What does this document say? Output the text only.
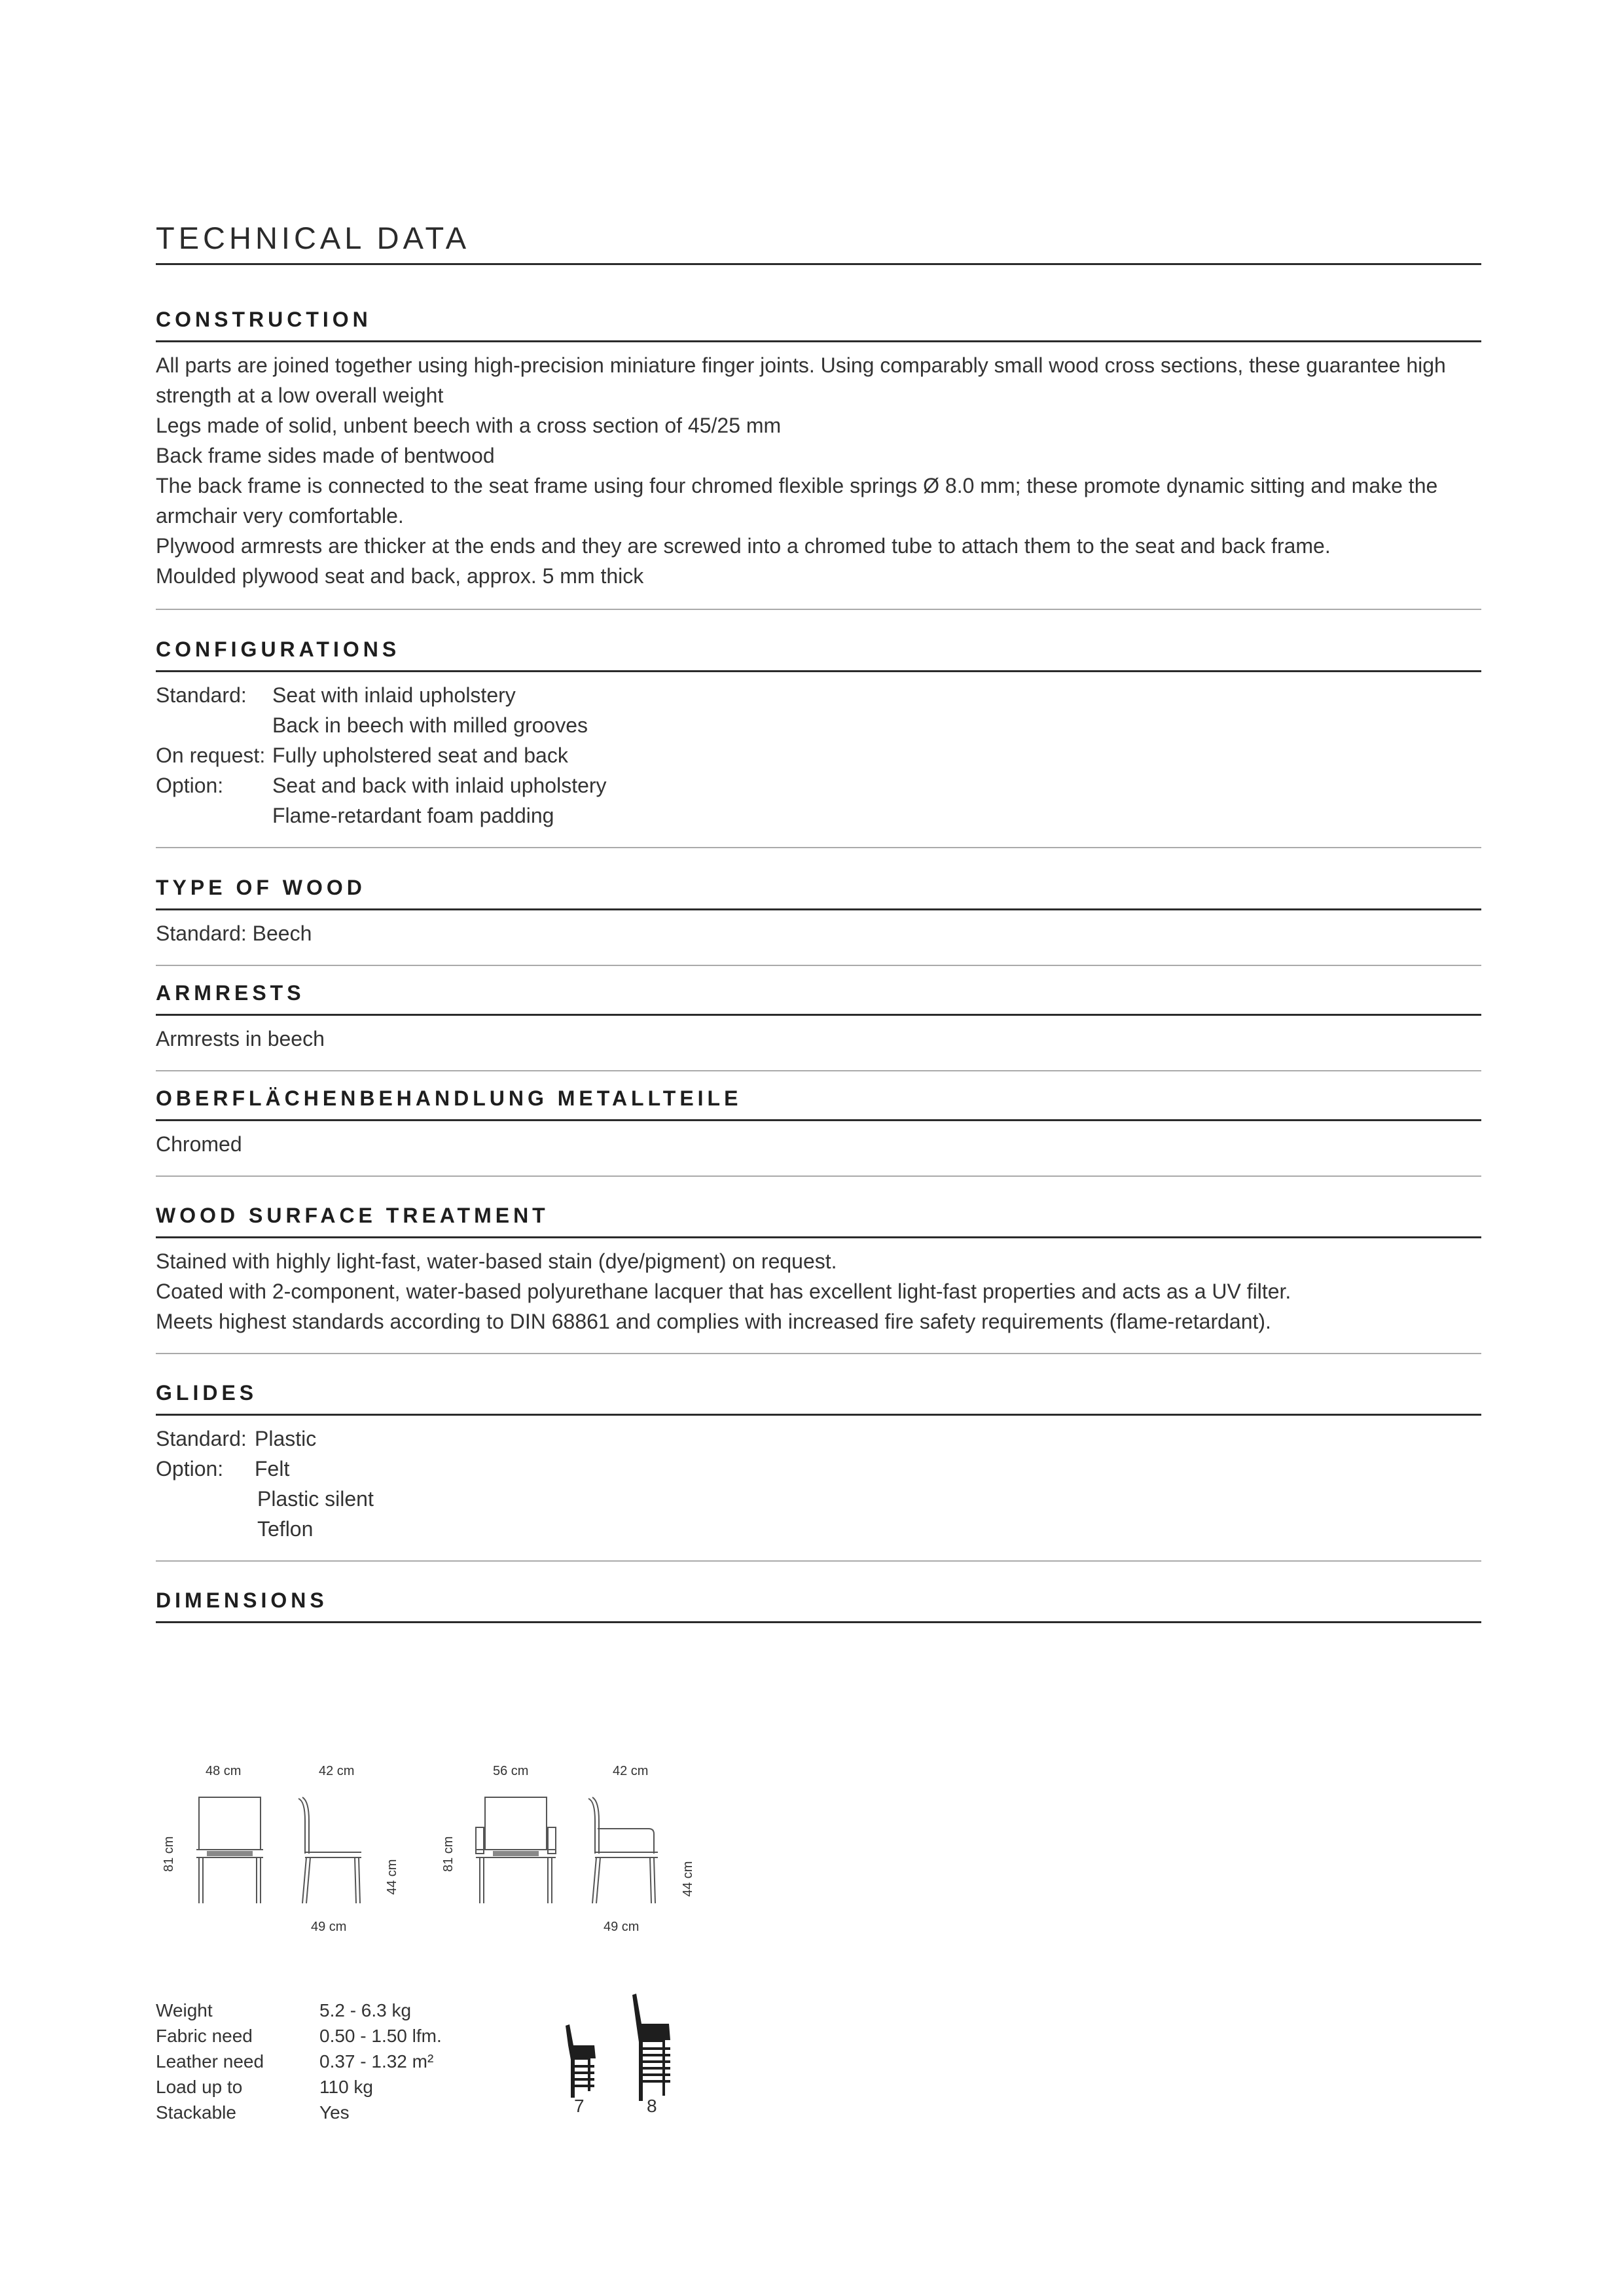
TECHNICAL DATA
CONSTRUCTION

All parts are joined together using high-precision miniature finger joints. Using comparably small wood cross sections, these guarantee high strength at a low overall weight

Legs made of solid, unbent beech with a cross section of 45/25 mm

Back frame sides made of bentwood

The back frame is connected to the seat frame using four chromed flexible springs Ø 8.0 mm; these promote dynamic sitting and make the armchair very comfortable.

Plywood armrests are thicker at the ends and they are screwed into a chromed tube to attach them to the seat and back frame.

Moulded plywood seat and back, approx. 5 mm thick

CONFIGURATIONS
Standard:	Seat with inlaid upholstery
Back in beech with milled grooves
On request: Fully upholstered seat and back
Option:	Seat and back with inlaid upholstery
Flame-retardant foam padding
TYPE OF WOOD

Standard: Beech

ARMRESTS

Armrests in beech

OBERFLÄCHENBEHANDLUNG METALLTEILE

Chromed

WOOD SURFACE TREATMENT

Stained with highly light-fast, water-based stain (dye/pigment) on request.

Coated with 2-component, water-based polyurethane lacquer that has excellent light-fast properties and acts as a UV filter.

Meets highest standards according to DIN 68861 and complies with increased fire safety requirements (flame-retardant).

GLIDES
Standard: Plastic
Option:	Felt
Plastic silent
Teflon
DIMENSIONS
48 cm	42 cm
81 cm
44 cm
49 cm
56 cm	42 cm
81 cm
44 cm
49 cm
Weight	5.2 - 6.3 kg
Fabric need	0.50 - 1.50 lfm.
Leather need	0.37 - 1.32 m²
Load up to	110 kg
Stackable	Yes	7	8
